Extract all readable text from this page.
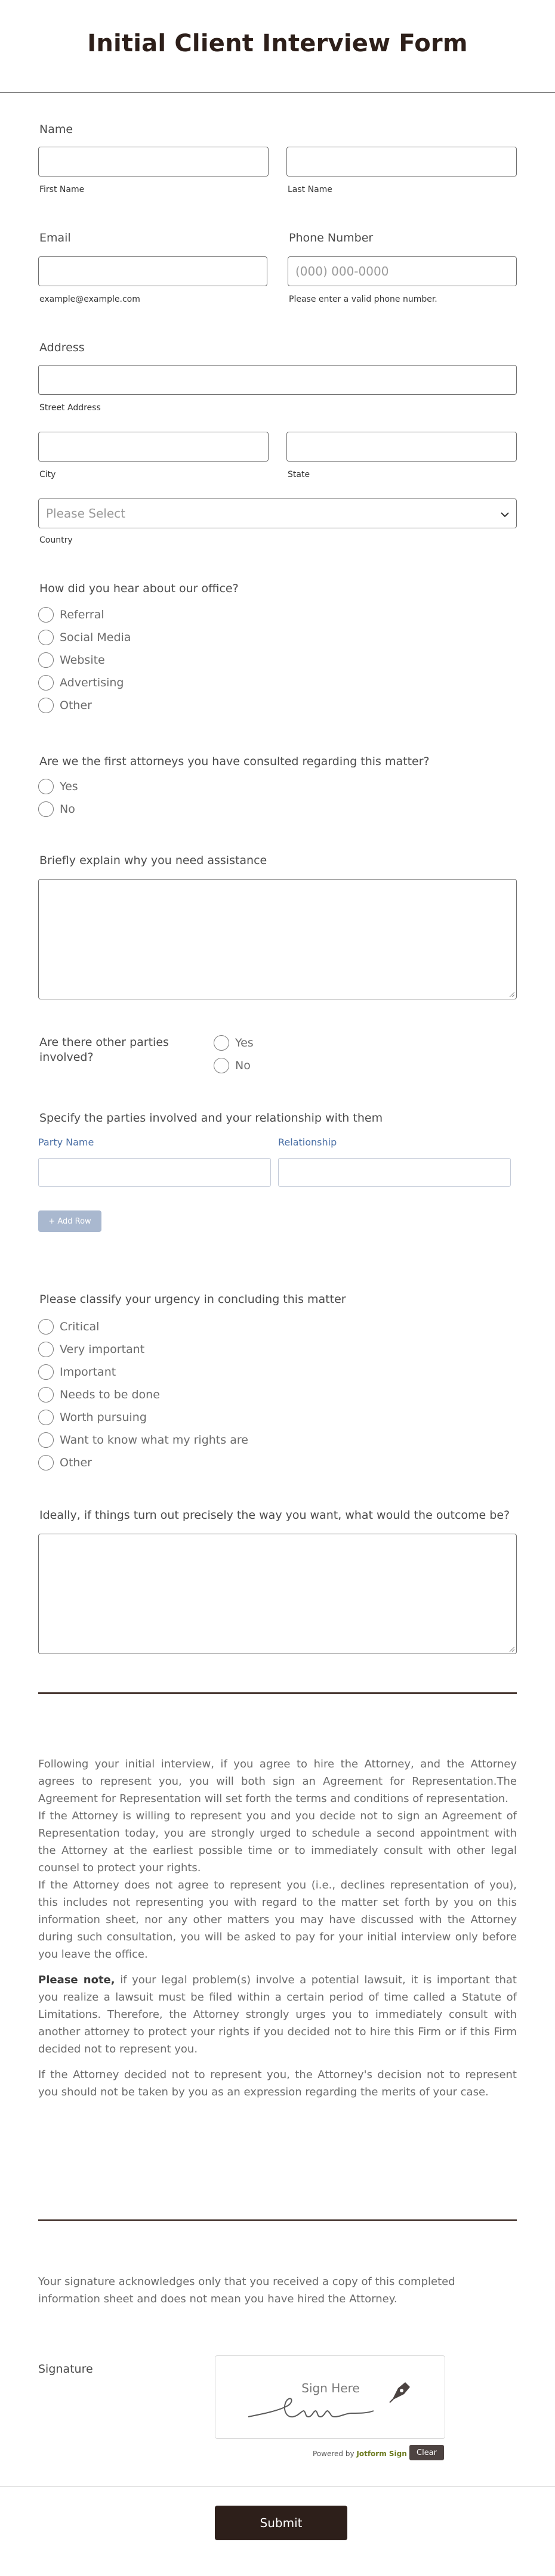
Initial Client Interview Form
Name
First Name	Last Name
Email
example@example.com
Phone Number
(000) 000-0000
Please enter a valid phone number.
Address
Street Address
City	State
Please Select
Country
How did you hear about our office?
Referral
Social Media
Website
Advertising
Other
Are we the first attorneys you have consulted regarding this matter?
Yes
No
Briefly explain why you need assistance
Are there other parties
involved?
Yes
No
Specify the parties involved and your relationship with them
Party Name	Relationship
+ Add Row
Please classify your urgency in concluding this matter
Critical
Very important
Important
Needs to be done
Worth pursuing
Want to know what my rights are
Other
Ideally, if things turn out precisely the way you want, what would the outcome be?
Following your initial interview, if you agree to hire the Attorney, and the Attorney agrees to represent you, you will both sign an Agreement for Representation.The Agreement for Representation will set forth the terms and conditions of representation.
If the Attorney is willing to represent you and you decide not to sign an Agreement of Representation today, you are strongly urged to schedule a second appointment with the Attorney at the earliest possible time or to immediately consult with other legal counsel to protect your rights.
If the Attorney does not agree to represent you (i.e., declines representation of you), this includes not representing you with regard to the matter set forth by you on this information sheet, nor any other matters you may have discussed with the Attorney during such consultation, you will be asked to pay for your initial interview only before you leave the office.
Please note, if your legal problem(s) involve a potential lawsuit, it is important that you realize a lawsuit must be filed within a certain period of time called a Statute of Limitations. Therefore, the Attorney strongly urges you to immediately consult with another attorney to protect your rights if you decided not to hire this Firm or if this Firm decided not to represent you.
If the Attorney decided not to represent you, the Attorney's decision not to represent you should not be taken by you as an expression regarding the merits of your case.
Your signature acknowledges only that you received a copy of this completed
information sheet and does not mean you have hired the Attorney.
Signature
Sign Here
Powered by Jotform Sign	Clear
Submit
